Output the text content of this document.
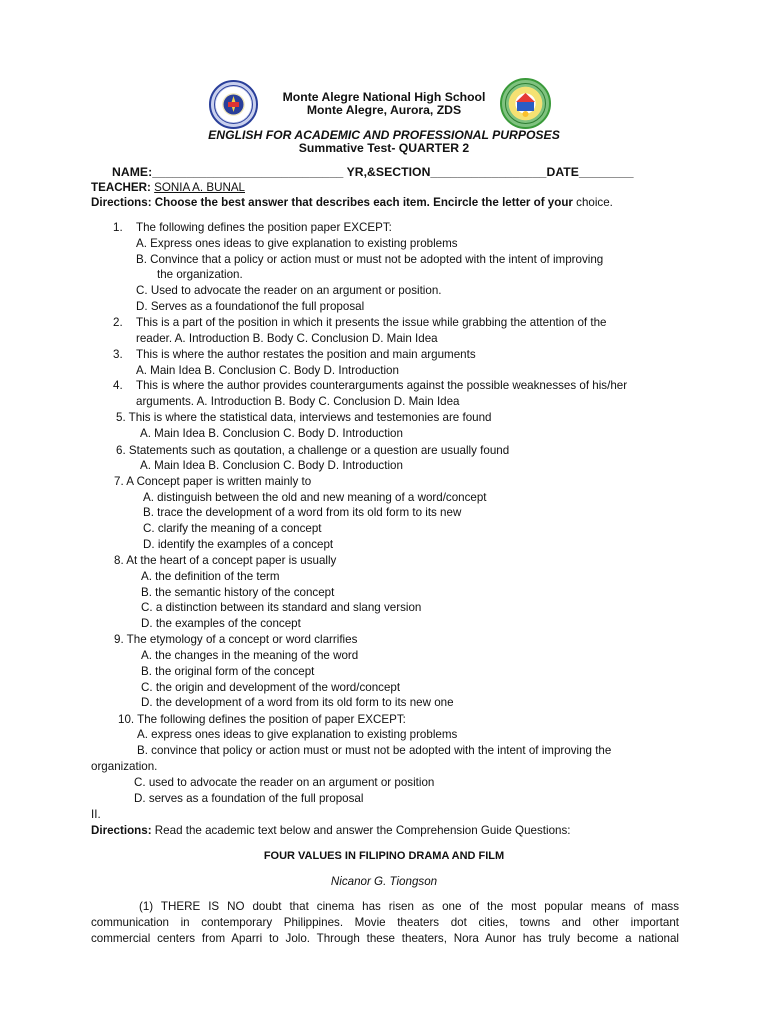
Monte Alegre National High School
Monte Alegre, Aurora, ZDS
ENGLISH FOR ACADEMIC AND PROFESSIONAL PURPOSES
Summative Test- QUARTER 2
NAME:____________________________ YR,&SECTION_________________DATE________
TEACHER: SONIA A. BUNAL
Directions: Choose the best answer that describes each item. Encircle the letter of your choice.
1. The following defines the position paper EXCEPT:
A. Express ones ideas to give explanation to existing problems
B. Convince that a policy or action must or must not be adopted with the intent of improving
the organization.
C. Used to advocate the reader on an argument or position.
D. Serves as a foundationof the full proposal
2. This is a part of the position in which it presents the issue while grabbing the attention of the
reader. A. Introduction B. Body C. Conclusion D. Main Idea
3. This is where the author restates the position and main arguments
A. Main Idea B. Conclusion C. Body D. Introduction
4. This is where the author provides counterarguments against the possible weaknesses of his/her
arguments. A. Introduction B. Body C. Conclusion D. Main Idea
5. This is where the statistical data, interviews and testemonies are found
A. Main Idea B. Conclusion C. Body D. Introduction
6. Statements such as qoutation, a challenge or a question are usually found
A. Main Idea B. Conclusion C. Body D. Introduction
7. A Concept paper is written mainly to
A. distinguish between the old and new meaning of a word/concept
B. trace the development of a word from its old form to its new
C. clarify the meaning of a concept
D. identify the examples of a concept
8. At the heart of a concept paper is usually
A. the definition of the term
B. the semantic history of the concept
C. a distinction between its standard and slang version
D. the examples of the concept
9. The etymology of a concept or word clarrifies
A. the changes in the meaning of the word
B. the original form of the concept
C. the origin and development of the word/concept
D. the development of a word from its old form to its new one
10. The following defines the position of paper EXCEPT:
A. express ones ideas to give explanation to existing problems
B. convince that policy or action must or must not be adopted with the intent of improving the
organization.
C. used to advocate the reader on an argument or position
D. serves as a foundation of the full proposal
II.
Directions: Read the academic text below and answer the Comprehension Guide Questions:
FOUR VALUES IN FILIPINO DRAMA AND FILM
Nicanor G. Tiongson
(1) THERE IS NO doubt that cinema has risen as one of the most popular means of mass
communication in contemporary Philippines. Movie theaters dot cities, towns and other important
commercial centers from Aparri to Jolo. Through these theaters, Nora Aunor has truly become a national
